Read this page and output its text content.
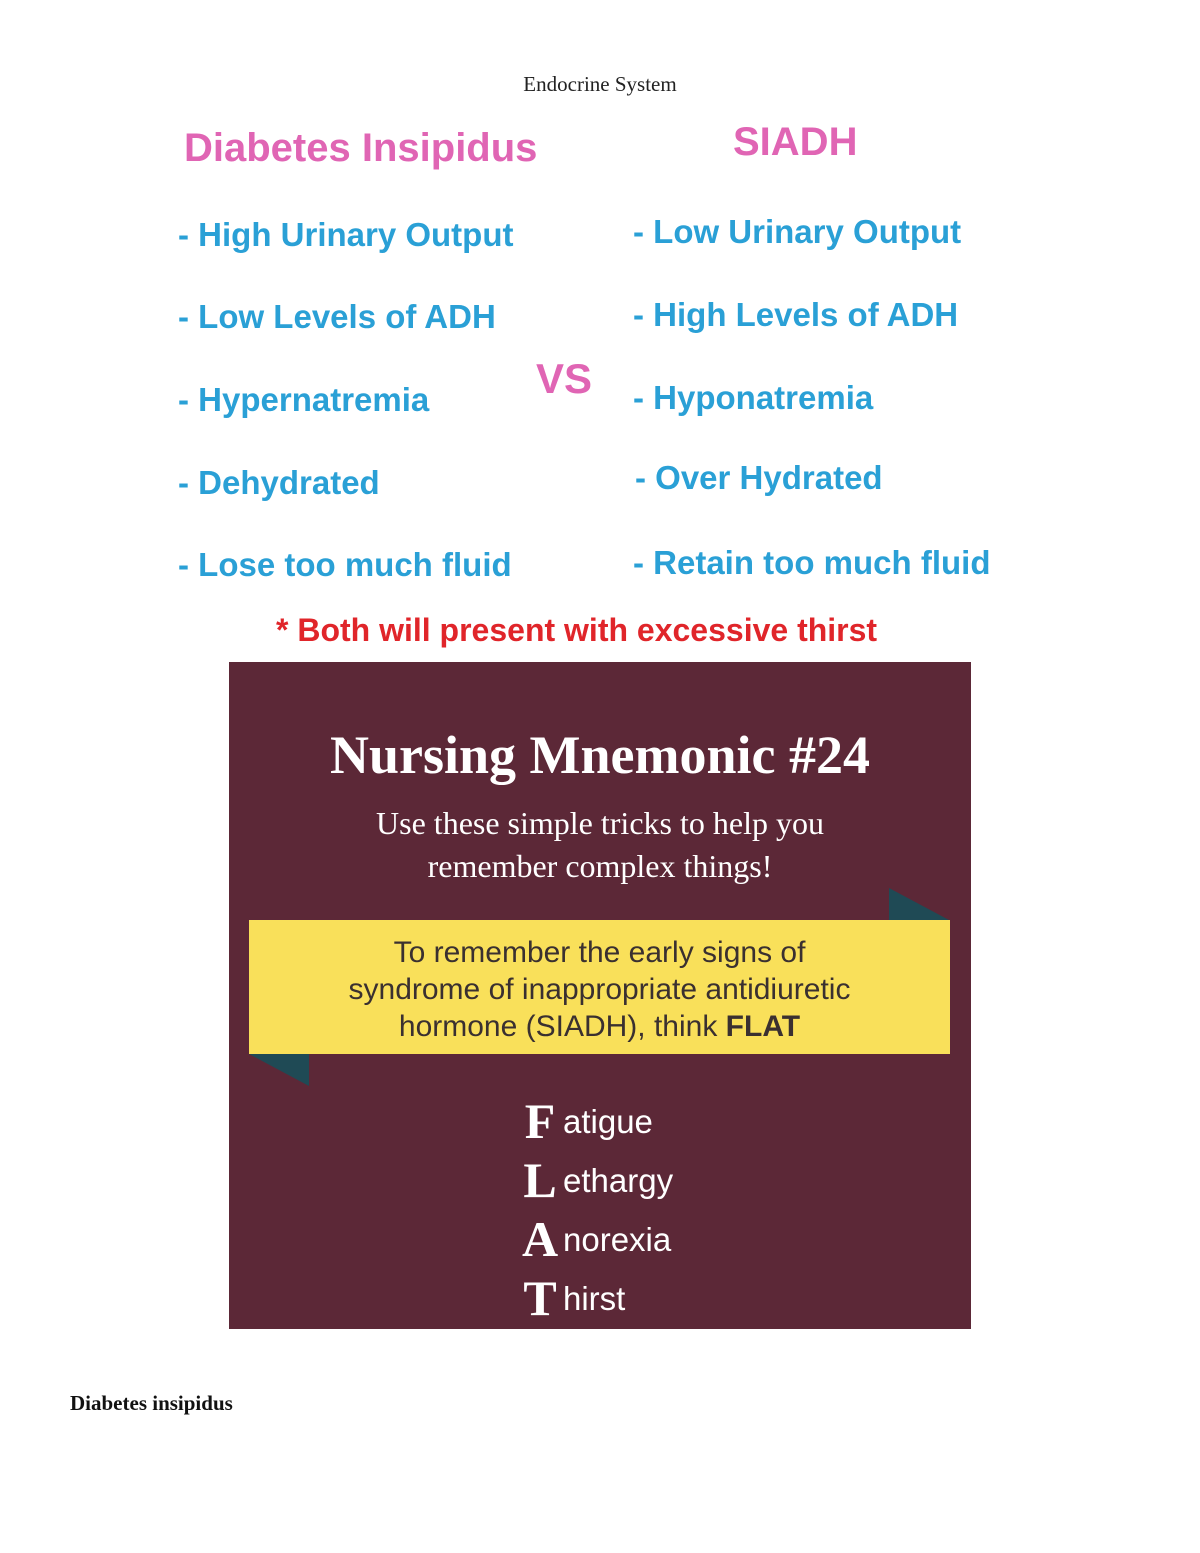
Endocrine System
Diabetes Insipidus	SIADH
- High Urinary Output
- Low Levels of ADH
- Hypernatremia
- Dehydrated
- Lose too much fluid
VS
- Low Urinary Output
- High Levels of ADH
- Hyponatremia
- Over Hydrated
- Retain too much fluid
* Both will present with excessive thirst
Nursing Mnemonic #24
Use these simple tricks to help you
remember complex things!
To remember the early signs of
syndrome of inappropriate antidiuretic
hormone (SIADH), think FLAT
F atigue
L ethargy
A norexia
T hirst
Diabetes insipidus
